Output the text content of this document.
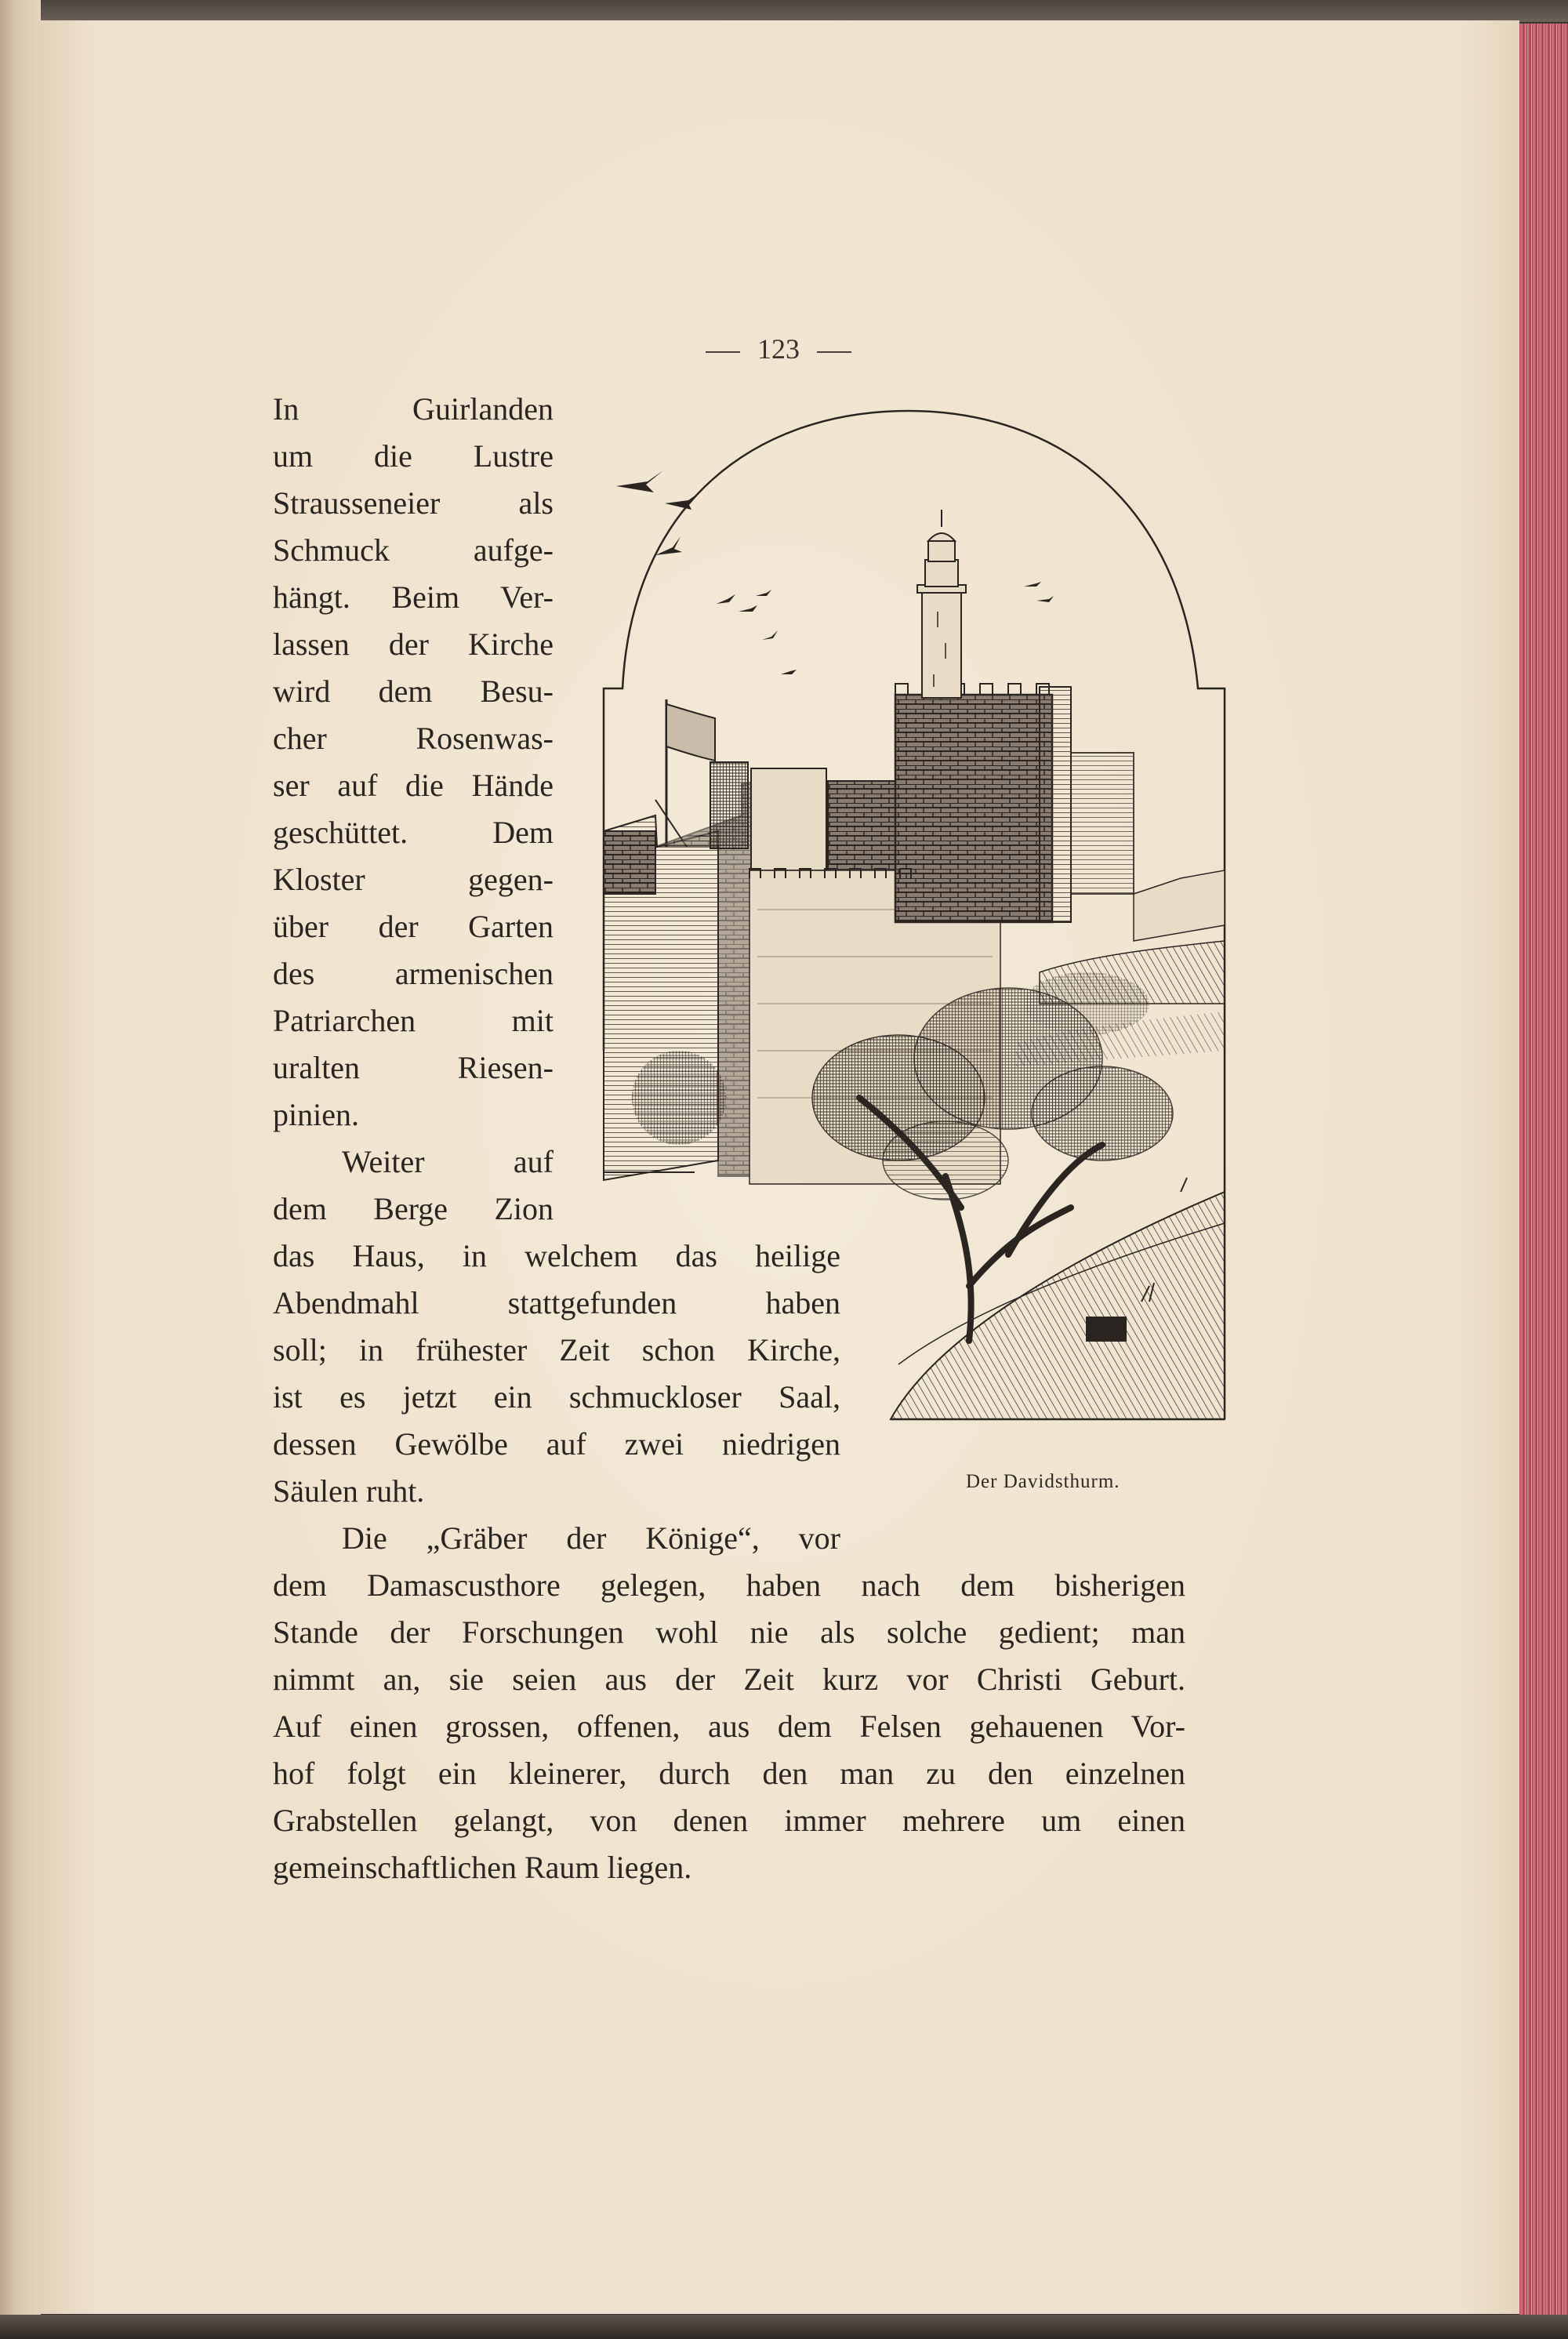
123
In Guirlanden
um die Lustre
Strausseneier als
Schmuck aufge-
hängt. Beim Ver-
lassen der Kirche
wird dem Besu-
cher Rosenwas-
ser auf die Hände
geschüttet. Dem
Kloster gegen-
über der Garten
des armenischen
Patriarchen mit
uralten Riesen-
pinien.
Weiter auf
dem Berge Zion
das Haus, in welchem das heilige
Abendmahl stattgefunden haben
soll; in frühester Zeit schon Kirche,
ist es jetzt ein schmuckloser Saal,
dessen Gewölbe auf zwei niedrigen
Säulen ruht.
Die „Gräber der Könige“, vor
dem Damascusthore gelegen, haben nach dem bisherigen
Stande der Forschungen wohl nie als solche gedient; man
nimmt an, sie seien aus der Zeit kurz vor Christi Geburt.
Auf einen grossen, offenen, aus dem Felsen gehauenen Vor-
hof folgt ein kleinerer, durch den man zu den einzelnen
Grabstellen gelangt, von denen immer mehrere um einen
gemeinschaftlichen Raum liegen.
Der Davidsthurm.
